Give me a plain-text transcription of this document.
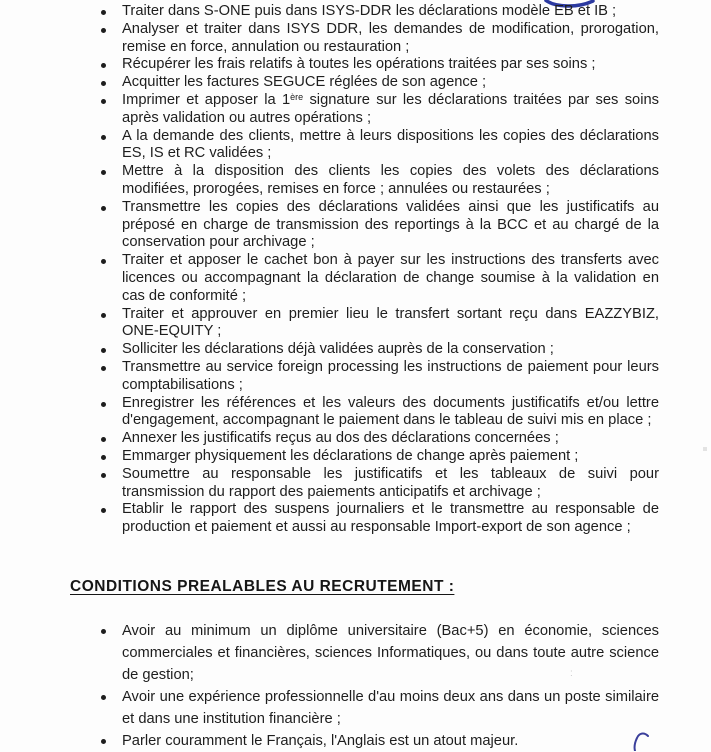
Traiter dans S-ONE puis dans ISYS-DDR les déclarations modèle EB et IB ;
Analyser et traiter dans ISYS DDR, les demandes de modification, prorogation, remise en force, annulation ou restauration ;
Récupérer les frais relatifs à toutes les opérations traitées par ses soins ;
Acquitter les factures SEGUCE réglées de son agence ;
Imprimer et apposer la 1ère signature sur les déclarations traitées par ses soins après validation ou autres opérations ;
A la demande des clients, mettre à leurs dispositions les copies des déclarations ES, IS et RC validées ;
Mettre à la disposition des clients les copies des volets des déclarations modifiées, prorogées, remises en force ; annulées ou restaurées ;
Transmettre les copies des déclarations validées ainsi que les justificatifs au préposé en charge de transmission des reportings à la BCC et au chargé de la conservation pour archivage ;
Traiter et apposer le cachet bon à payer sur les instructions des transferts avec licences ou accompagnant la déclaration de change soumise à la validation en cas de conformité ;
Traiter et approuver en premier lieu le transfert sortant reçu dans EAZZYBIZ, ONE-EQUITY ;
Solliciter les déclarations déjà validées auprès de la conservation ;
Transmettre au service foreign processing les instructions de paiement pour leurs comptabilisations ;
Enregistrer les références et les valeurs des documents justificatifs et/ou lettre d'engagement, accompagnant le paiement dans le tableau de suivi mis en place ;
Annexer les justificatifs reçus au dos des déclarations concernées ;
Emmarger physiquement les déclarations de change après paiement ;
Soumettre au responsable les justificatifs et les tableaux de suivi pour transmission du rapport des paiements anticipatifs et archivage ;
Etablir le rapport des suspens journaliers et le transmettre au responsable de production et paiement et aussi au responsable Import-export de son agence ;
CONDITIONS PREALABLES AU RECRUTEMENT :
Avoir au minimum un diplôme universitaire (Bac+5) en économie, sciences commerciales et financières, sciences Informatiques, ou dans toute autre science de gestion;
Avoir une expérience professionnelle d'au moins deux ans dans un poste similaire et dans une institution financière ;
Parler couramment le Français, l'Anglais est un atout majeur.
:
